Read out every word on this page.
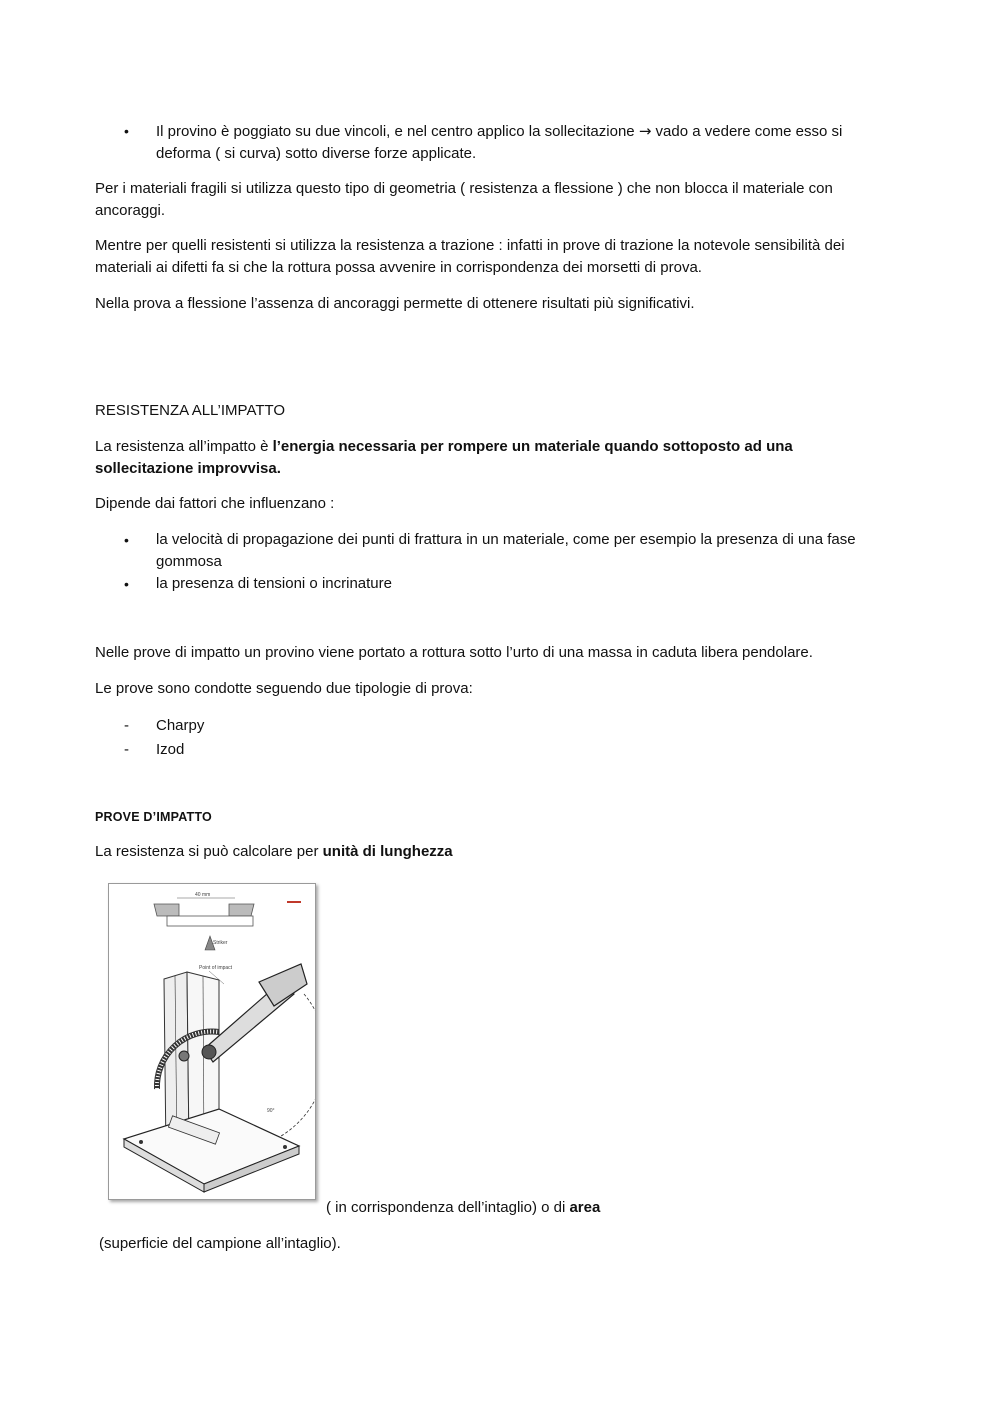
• Il provino è poggiato su due vincoli, e nel centro applico la sollecitazione → vado a vedere come esso si deforma ( si curva) sotto diverse forze applicate.
Per i materiali fragili si utilizza questo tipo di geometria ( resistenza a flessione ) che non blocca il materiale con ancoraggi.
Mentre per quelli resistenti si utilizza la resistenza a trazione : infatti in prove di trazione la notevole sensibilità dei materiali ai difetti fa si che la rottura possa avvenire in corrispondenza dei morsetti di prova.
Nella prova a flessione l’assenza di ancoraggi permette di ottenere risultati più significativi.
RESISTENZA ALL’IMPATTO
La resistenza all’impatto è l’energia necessaria per rompere un materiale quando sottoposto ad una sollecitazione improvvisa.
Dipende dai fattori che influenzano :
• la velocità di propagazione dei punti di frattura in un materiale, come per esempio la presenza di una fase gommosa
• la presenza di tensioni o incrinature
Nelle prove di impatto un provino viene portato a rottura sotto l’urto di una massa in caduta libera pendolare.
Le prove sono condotte seguendo due tipologie di prova:
- Charpy
- Izod
PROVE D’IMPATTO
La resistenza si può calcolare per unità di lunghezza
40 mm
Striker
Point of impact
90°
( in corrispondenza dell’intaglio) o di area
(superficie del campione all’intaglio).
